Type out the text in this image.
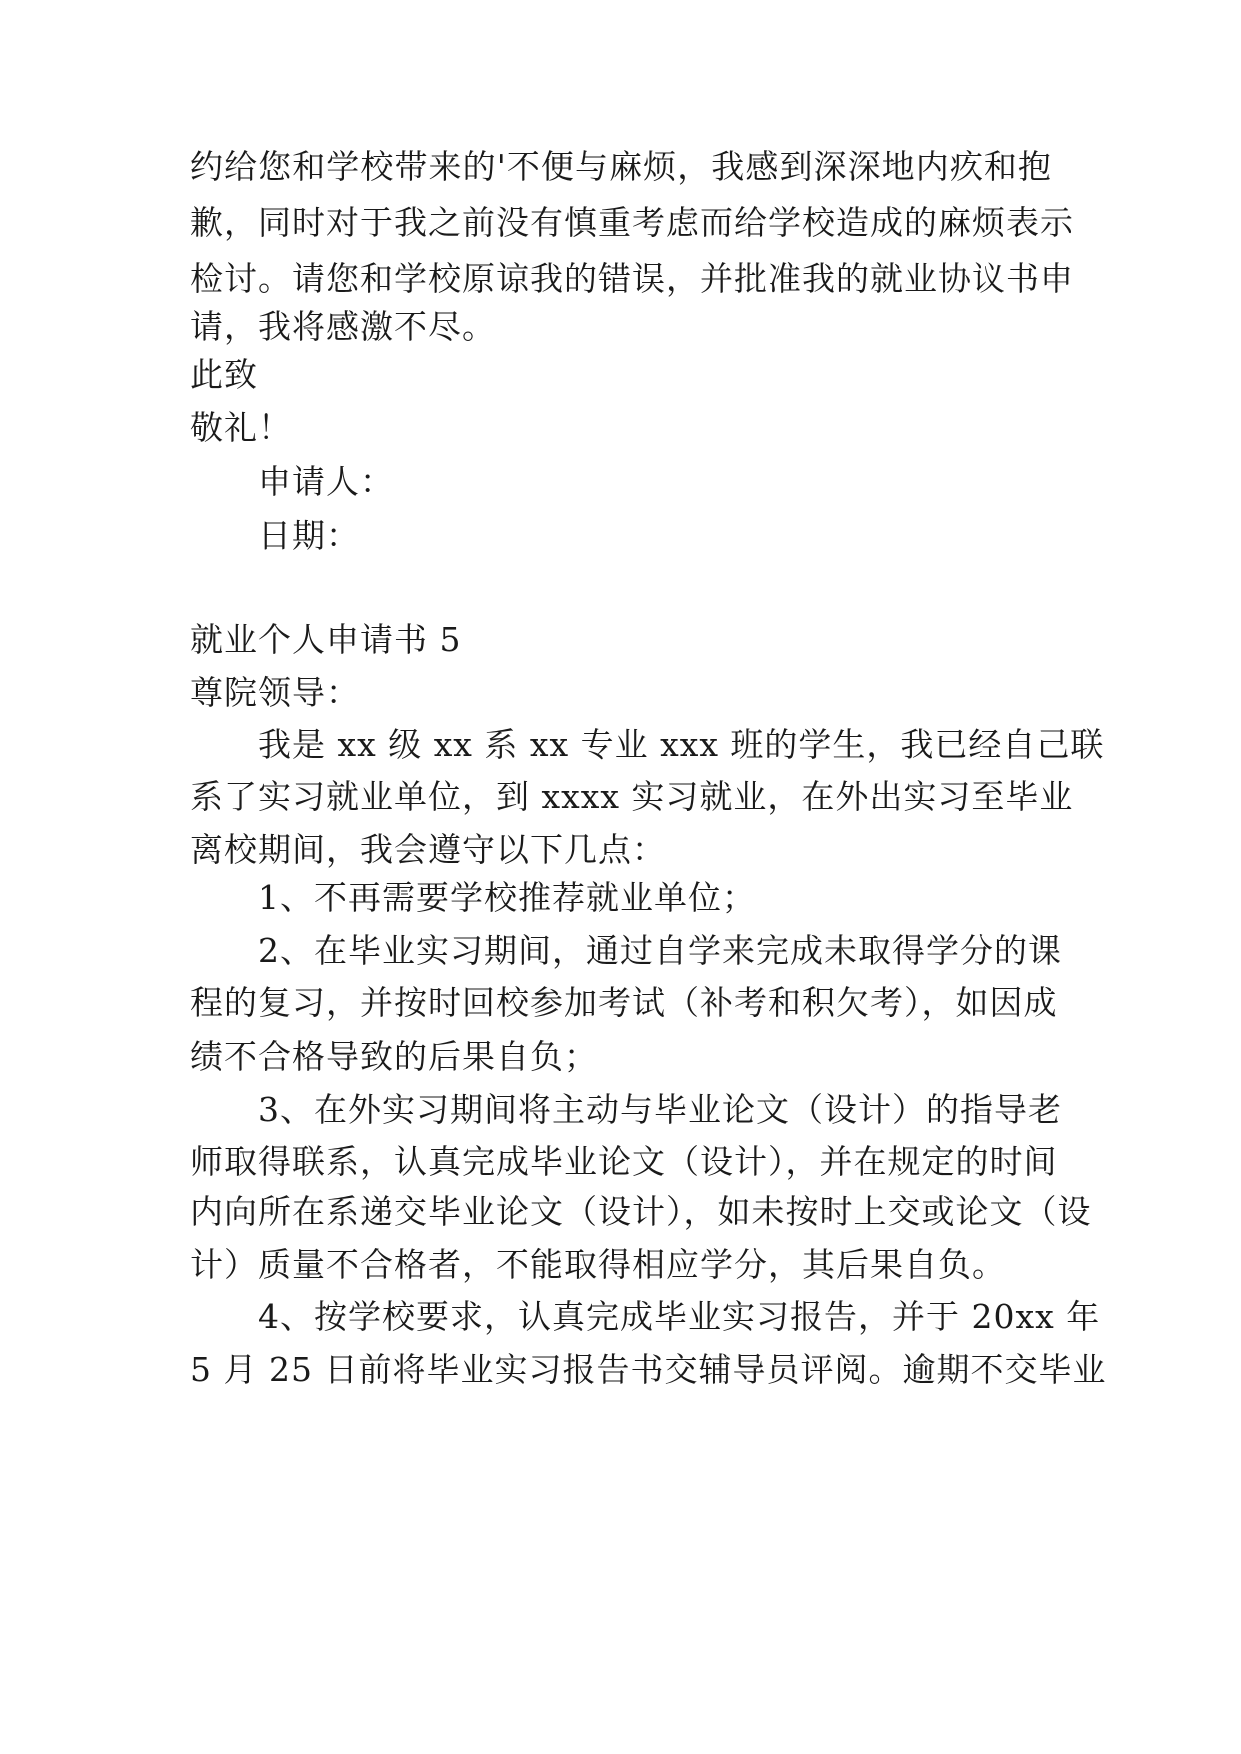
约给您和学校带来的'不便与麻烦，我感到深深地内疚和抱
歉，同时对于我之前没有慎重考虑而给学校造成的麻烦表示
检讨。请您和学校原谅我的错误，并批准我的就业协议书申
请，我将感激不尽。
此致
敬礼！
申请人：
日期：
就业个人申请书 5
尊院领导：
我是 xx 级 xx 系 xx 专业 xxx 班的学生，我已经自己联
系了实习就业单位，到 xxxx 实习就业，在外出实习至毕业
离校期间，我会遵守以下几点：
1、不再需要学校推荐就业单位；
2、在毕业实习期间，通过自学来完成未取得学分的课
程的复习，并按时回校参加考试（补考和积欠考），如因成
绩不合格导致的后果自负；
3、在外实习期间将主动与毕业论文（设计）的指导老
师取得联系，认真完成毕业论文（设计），并在规定的时间
内向所在系递交毕业论文（设计），如未按时上交或论文（设
计）质量不合格者，不能取得相应学分，其后果自负。
4、按学校要求，认真完成毕业实习报告，并于 20xx 年
5 月 25 日前将毕业实习报告书交辅导员评阅。逾期不交毕业
